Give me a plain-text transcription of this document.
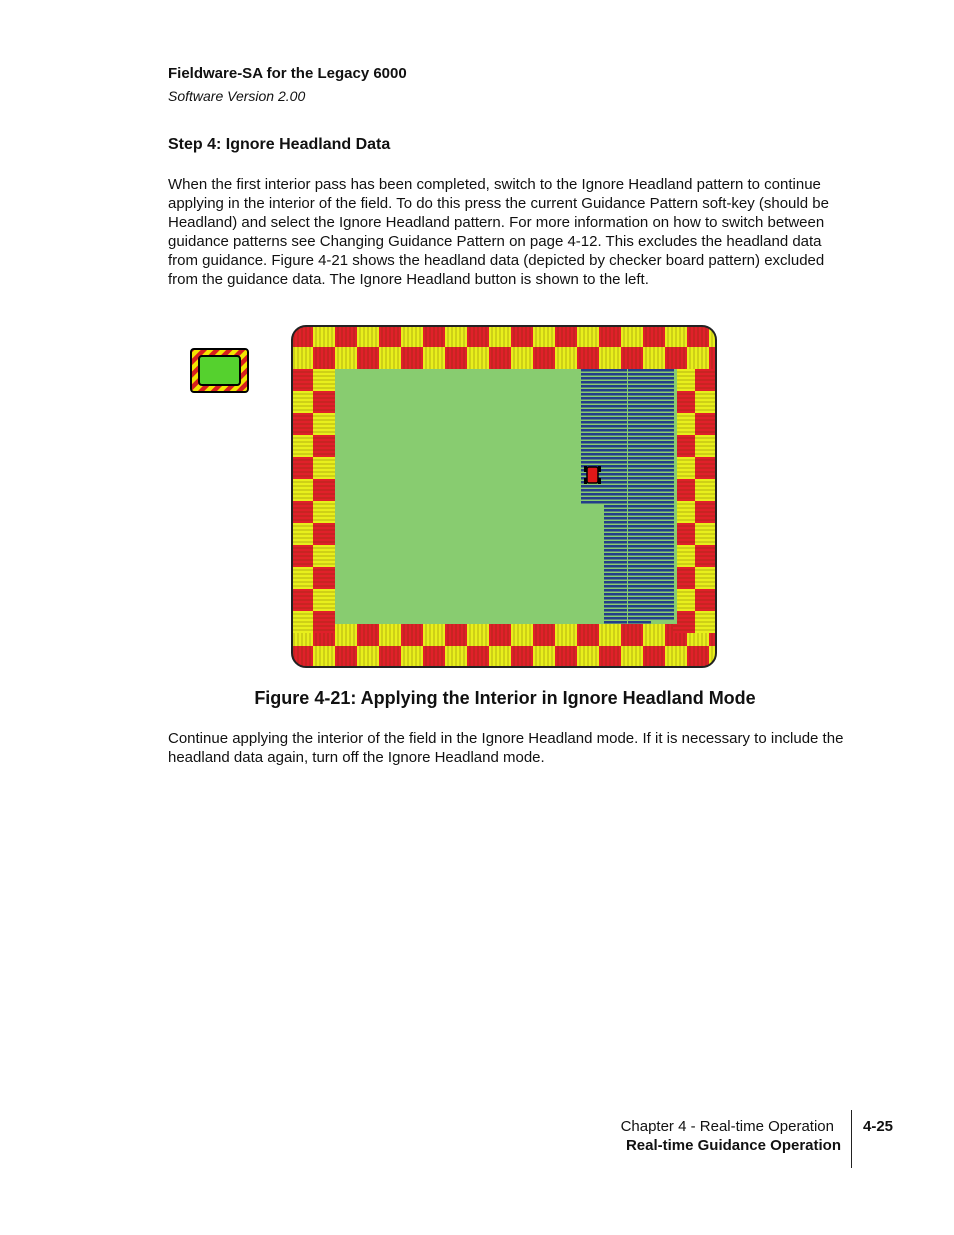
Fieldware-SA for the Legacy 6000
Software Version 2.00
Step 4: Ignore Headland Data
When the first interior pass has been completed, switch to the Ignore Headland pattern to continue applying in the interior of the field. To do this press the current Guidance Pattern soft-key (should be Headland) and select the Ignore Headland pattern. For more information on how to switch between guidance patterns see Changing Guidance Pattern on page 4-12. This excludes the headland data from guidance. Figure 4-21 shows the headland data (depicted by checker board pattern) excluded from the guidance data. The Ignore Headland button is shown to the left.
Figure 4-21: Applying the Interior in Ignore Headland Mode
Continue applying the interior of the field in the Ignore Headland mode. If it is necessary to include the headland data again, turn off the Ignore Headland mode.
Chapter 4 - Real-time Operation
Real-time Guidance Operation
4-25
